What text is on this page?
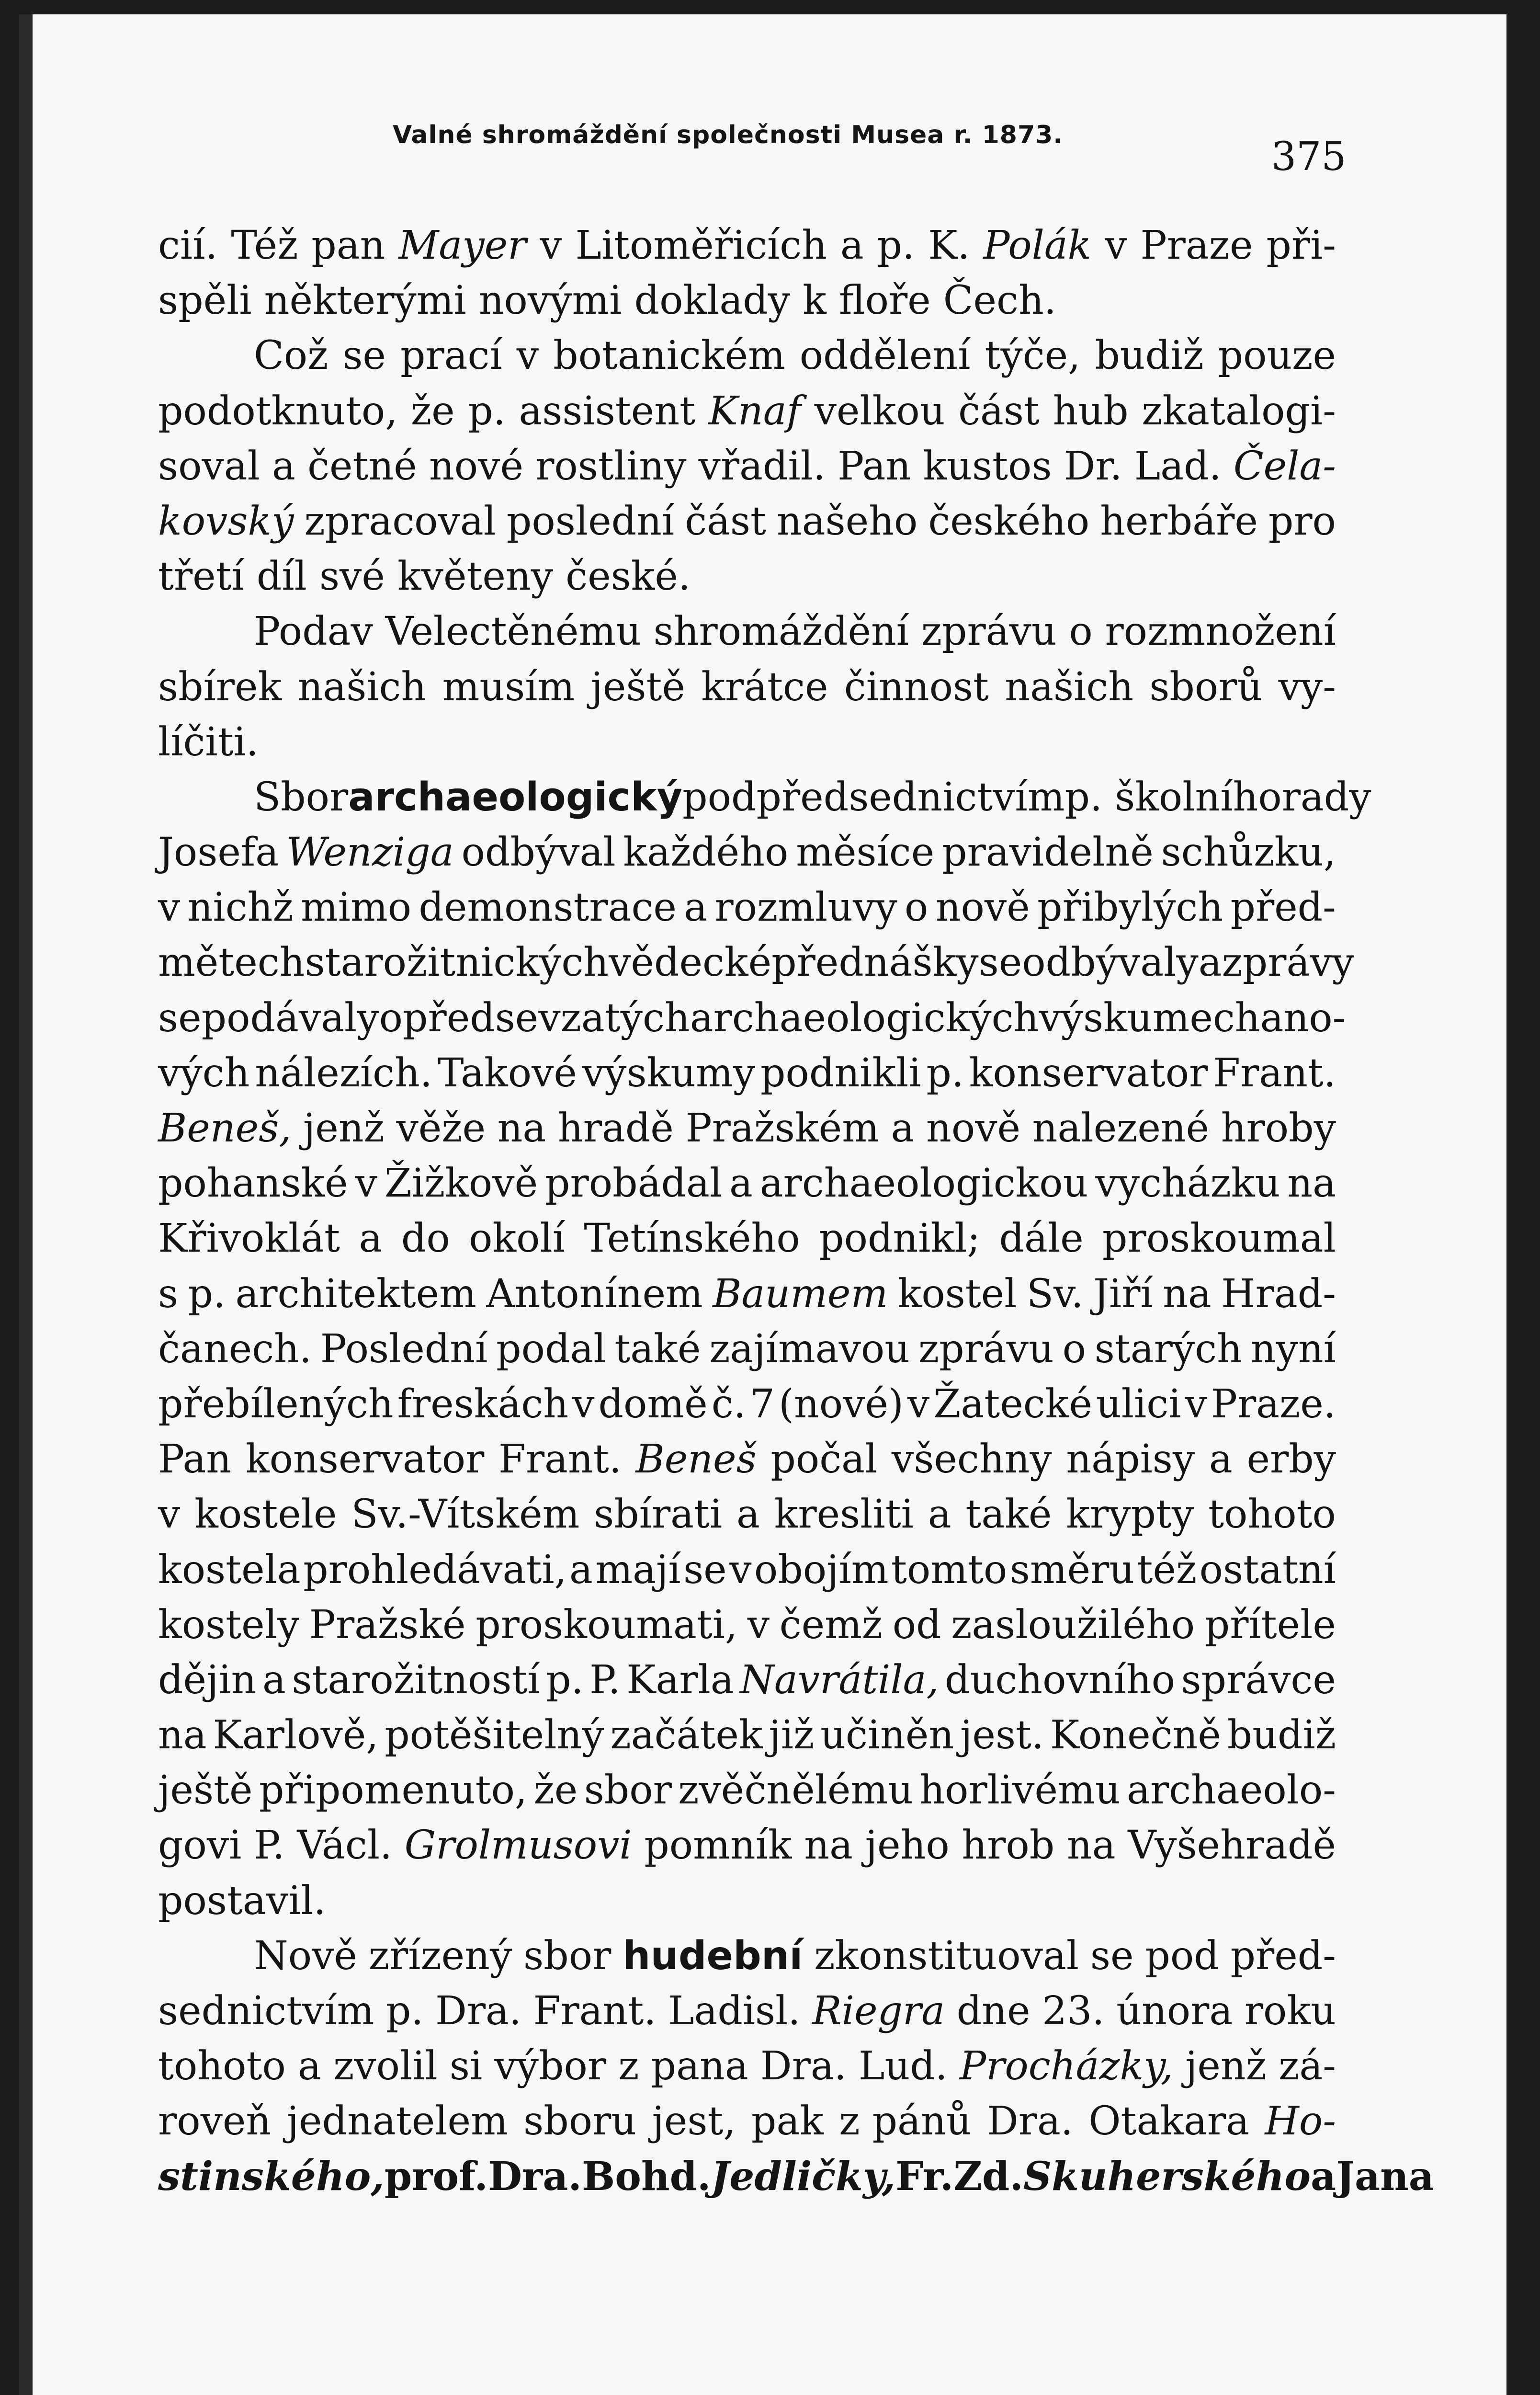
Valné shromáždění společnosti Musea r. 1873.	375
cií. Též pan Mayer v Litoměřicích a p. K. Polák v Praze při-
spěli některými novými doklady k floře Čech.
Což se prací v botanickém oddělení týče, budiž pouze
podotknuto, že p. assistent Knaf velkou část hub zkatalogi-
soval a četné nové rostliny vřadil. Pan kustos Dr. Lad. Čela-
kovský zpracoval poslední část našeho českého herbáře pro
třetí díl své květeny české.
Podav Velectěnému shromáždění zprávu o rozmnožení
sbírek našich musím ještě krátce činnost našich sborů vy-
líčiti.
Sbor archaeologický pod předsednictvím p. školního rady
Josefa Wenziga odbýval každého měsíce pravidelně schůzku,
v nichž mimo demonstrace a rozmluvy o nově přibylých před-
mětech starožitnických vědecké přednášky se odbývaly a zprávy
se podávaly o předsevzatých archaeologických výskumech a no-
vých nálezích. Takové výskumy podnikli p. konservator Frant.
Beneš, jenž věže na hradě Pražském a nově nalezené hroby
pohanské v Žižkově probádal a archaeologickou vycházku na
Křivoklát a do okolí Tetínského podnikl; dále proskoumal
s p. architektem Antonínem Baumem kostel Sv. Jiří na Hrad-
čanech. Poslední podal také zajímavou zprávu o starých nyní
přebílených freskách v domě č. 7 (nové) v Žatecké ulici v Praze.
Pan konservator Frant. Beneš počal všechny nápisy a erby
v kostele Sv.-Vítském sbírati a kresliti a také krypty tohoto
kostela prohledávati, a mají se v obojím tomto směru též ostatní
kostely Pražské proskoumati, v čemž od zasloužilého přítele
dějin a starožitností p. P. Karla Navrátila, duchovního správce
na Karlově, potěšitelný začátek již učiněn jest. Konečně budiž
ještě připomenuto, že sbor zvěčnělému horlivému archaeolo-
govi P. Václ. Grolmusovi pomník na jeho hrob na Vyšehradě
postavil.
Nově zřízený sbor hudební zkonstituoval se pod před-
sednictvím p. Dra. Frant. Ladisl. Riegra dne 23. února roku
tohoto a zvolil si výbor z pana Dra. Lud. Procházky, jenž zá-
roveň jednatelem sboru jest, pak z pánů Dra. Otakara Ho-
stinského, prof. Dra. Bohd. Jedličky, Fr. Zd. Skuherského a Jana
